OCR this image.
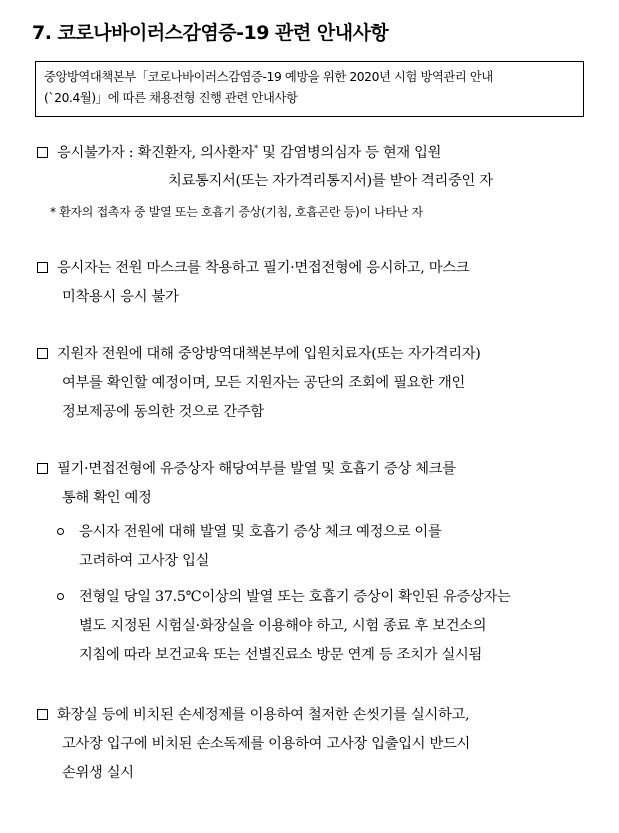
7. 코로나바이러스감염증-19 관련 안내사항
중앙방역대책본부「코로나바이러스감염증-19 예방을 위한 2020년 시험 방역관리 안내
(`20.4월)」에 따른 채용전형 진행 관련 안내사항
응시불가자 : 확진환자, 의사환자* 및 감염병의심자 등 현재 입원
치료통지서(또는 자가격리통지서)를 받아 격리중인 자
* 환자의 접촉자 중 발열 또는 호흡기 증상(기침, 호흡곤란 등)이 나타난 자
응시자는 전원 마스크를 착용하고 필기·면접전형에 응시하고, 마스크
미착용시 응시 불가
지원자 전원에 대해 중앙방역대책본부에 입원치료자(또는 자가격리자)
여부를 확인할 예정이며, 모든 지원자는 공단의 조회에 필요한 개인
정보제공에 동의한 것으로 간주함
필기·면접전형에 유증상자 해당여부를 발열 및 호흡기 증상 체크를
통해 확인 예정
응시자 전원에 대해 발열 및 호흡기 증상 체크 예정으로 이를
고려하여 고사장 입실
전형일 당일 37.5℃이상의 발열 또는 호흡기 증상이 확인된 유증상자는
별도 지정된 시험실·화장실을 이용해야 하고, 시험 종료 후 보건소의
지침에 따라 보건교육 또는 선별진료소 방문 연계 등 조치가 실시됨
화장실 등에 비치된 손세정제를 이용하여 철저한 손씻기를 실시하고,
고사장 입구에 비치된 손소독제를 이용하여 고사장 입출입시 반드시
손위생 실시
